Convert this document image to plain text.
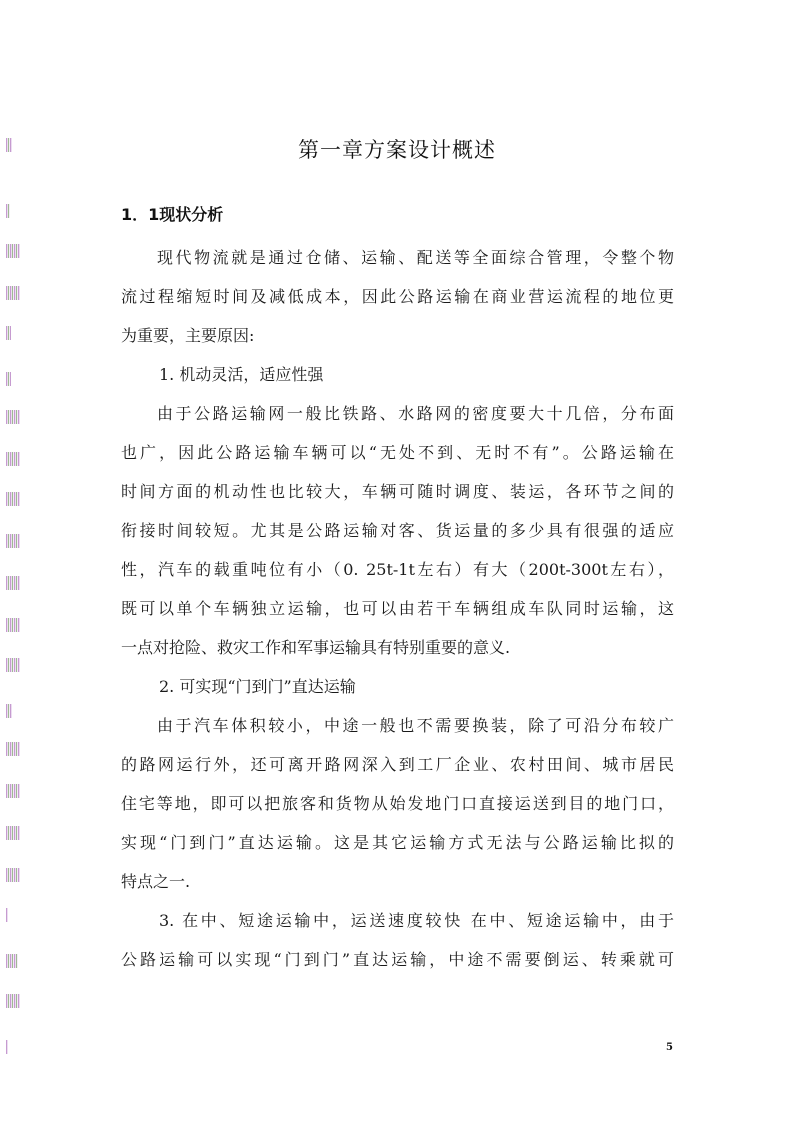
第一章方案设计概述
1．1现状分析
现代物流就是通过仓储、运输、配送等全面综合管理，令整个物
流过程缩短时间及减低成本，因此公路运输在商业营运流程的地位更
为重要，主要原因:
1. 机动灵活，适应性强
由于公路运输网一般比铁路、水路网的密度要大十几倍，分布面
也广，因此公路运输车辆可以“无处不到、无时不有”。公路运输在
时间方面的机动性也比较大，车辆可随时调度、装运，各环节之间的
衔接时间较短。尤其是公路运输对客、货运量的多少具有很强的适应
性，汽车的载重吨位有小（0. 25t-1t左右）有大（200t-300t左右），
既可以单个车辆独立运输，也可以由若干车辆组成车队同时运输，这
一点对抢险、救灾工作和军事运输具有特别重要的意义.
2. 可实现“门到门”直达运输
由于汽车体积较小，中途一般也不需要换装，除了可沿分布较广
的路网运行外，还可离开路网深入到工厂企业、农村田间、城市居民
住宅等地，即可以把旅客和货物从始发地门口直接运送到目的地门口，
实现“门到门”直达运输。这是其它运输方式无法与公路运输比拟的
特点之一.
3. 在中、短途运输中，运送速度较快 在中、短途运输中，由于
公路运输可以实现“门到门”直达运输，中途不需要倒运、转乘就可
5
